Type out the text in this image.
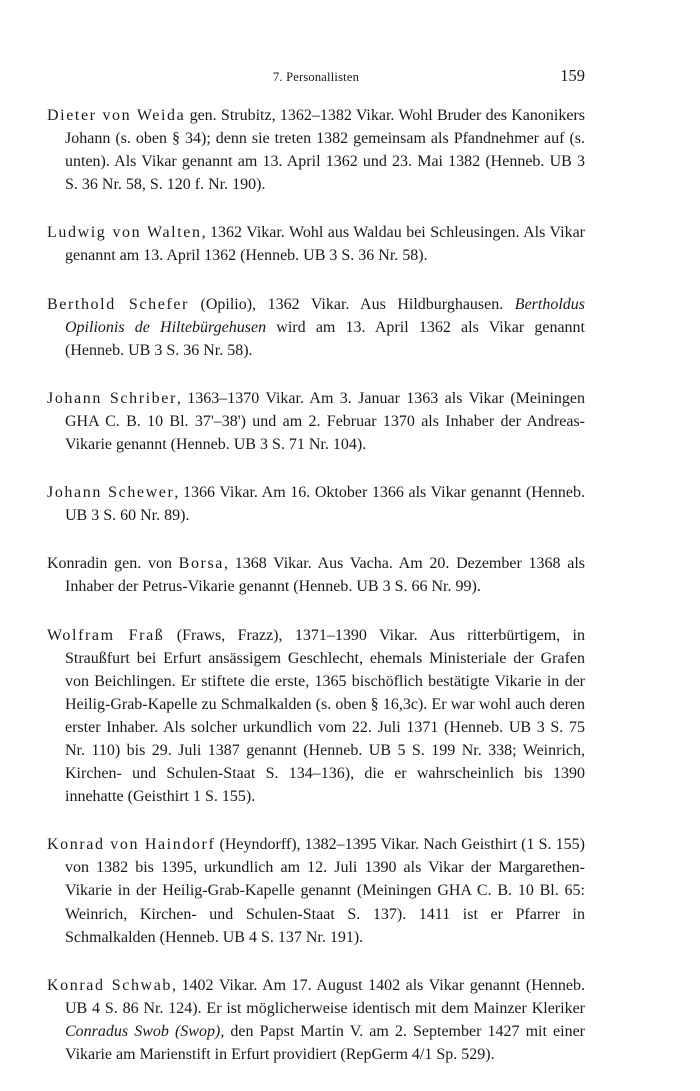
7. Personallisten	159

Dieter von Weida gen. Strubitz, 1362–1382 Vikar. Wohl Bruder des Kanonikers Johann (s. oben § 34); denn sie treten 1382 gemeinsam als Pfandnehmer auf (s. unten). Als Vikar genannt am 13. April 1362 und 23. Mai 1382 (Henneb. UB 3 S. 36 Nr. 58, S. 120 f. Nr. 190).

Ludwig von Walten, 1362 Vikar. Wohl aus Waldau bei Schleusingen. Als Vikar genannt am 13. April 1362 (Henneb. UB 3 S. 36 Nr. 58).

Berthold Schefer (Opilio), 1362 Vikar. Aus Hildburghausen. Bertholdus Opilionis de Hiltebürgehusen wird am 13. April 1362 als Vikar genannt (Henneb. UB 3 S. 36 Nr. 58).

Johann Schriber, 1363–1370 Vikar. Am 3. Januar 1363 als Vikar (Meiningen GHA C. B. 10 Bl. 37'–38') und am 2. Februar 1370 als Inhaber der Andreas-Vikarie genannt (Henneb. UB 3 S. 71 Nr. 104).

Johann Schewer, 1366 Vikar. Am 16. Oktober 1366 als Vikar genannt (Henneb. UB 3 S. 60 Nr. 89).

Konradin gen. von Borsa, 1368 Vikar. Aus Vacha. Am 20. Dezember 1368 als Inhaber der Petrus-Vikarie genannt (Henneb. UB 3 S. 66 Nr. 99).

Wolfram Fraß (Fraws, Frazz), 1371–1390 Vikar. Aus ritterbürtigem, in Straußfurt bei Erfurt ansässigem Geschlecht, ehemals Ministeriale der Grafen von Beichlingen. Er stiftete die erste, 1365 bischöflich bestätigte Vikarie in der Heilig-Grab-Kapelle zu Schmalkalden (s. oben § 16,3c). Er war wohl auch deren erster Inhaber. Als solcher urkundlich vom 22. Juli 1371 (Henneb. UB 3 S. 75 Nr. 110) bis 29. Juli 1387 genannt (Henneb. UB 5 S. 199 Nr. 338; Weinrich, Kirchen- und Schulen-Staat S. 134–136), die er wahrscheinlich bis 1390 innehatte (Geisthirt 1 S. 155).

Konrad von Haindorf (Heyndorff), 1382–1395 Vikar. Nach Geisthirt (1 S. 155) von 1382 bis 1395, urkundlich am 12. Juli 1390 als Vikar der Margarethen-Vikarie in der Heilig-Grab-Kapelle genannt (Meiningen GHA C. B. 10 Bl. 65: Weinrich, Kirchen- und Schulen-Staat S. 137). 1411 ist er Pfarrer in Schmalkalden (Henneb. UB 4 S. 137 Nr. 191).

Konrad Schwab, 1402 Vikar. Am 17. August 1402 als Vikar genannt (Henneb. UB 4 S. 86 Nr. 124). Er ist möglicherweise identisch mit dem Mainzer Kleriker Conradus Swob (Swop), den Papst Martin V. am 2. September 1427 mit einer Vikarie am Marienstift in Erfurt providiert (RepGerm 4/1 Sp. 529).
